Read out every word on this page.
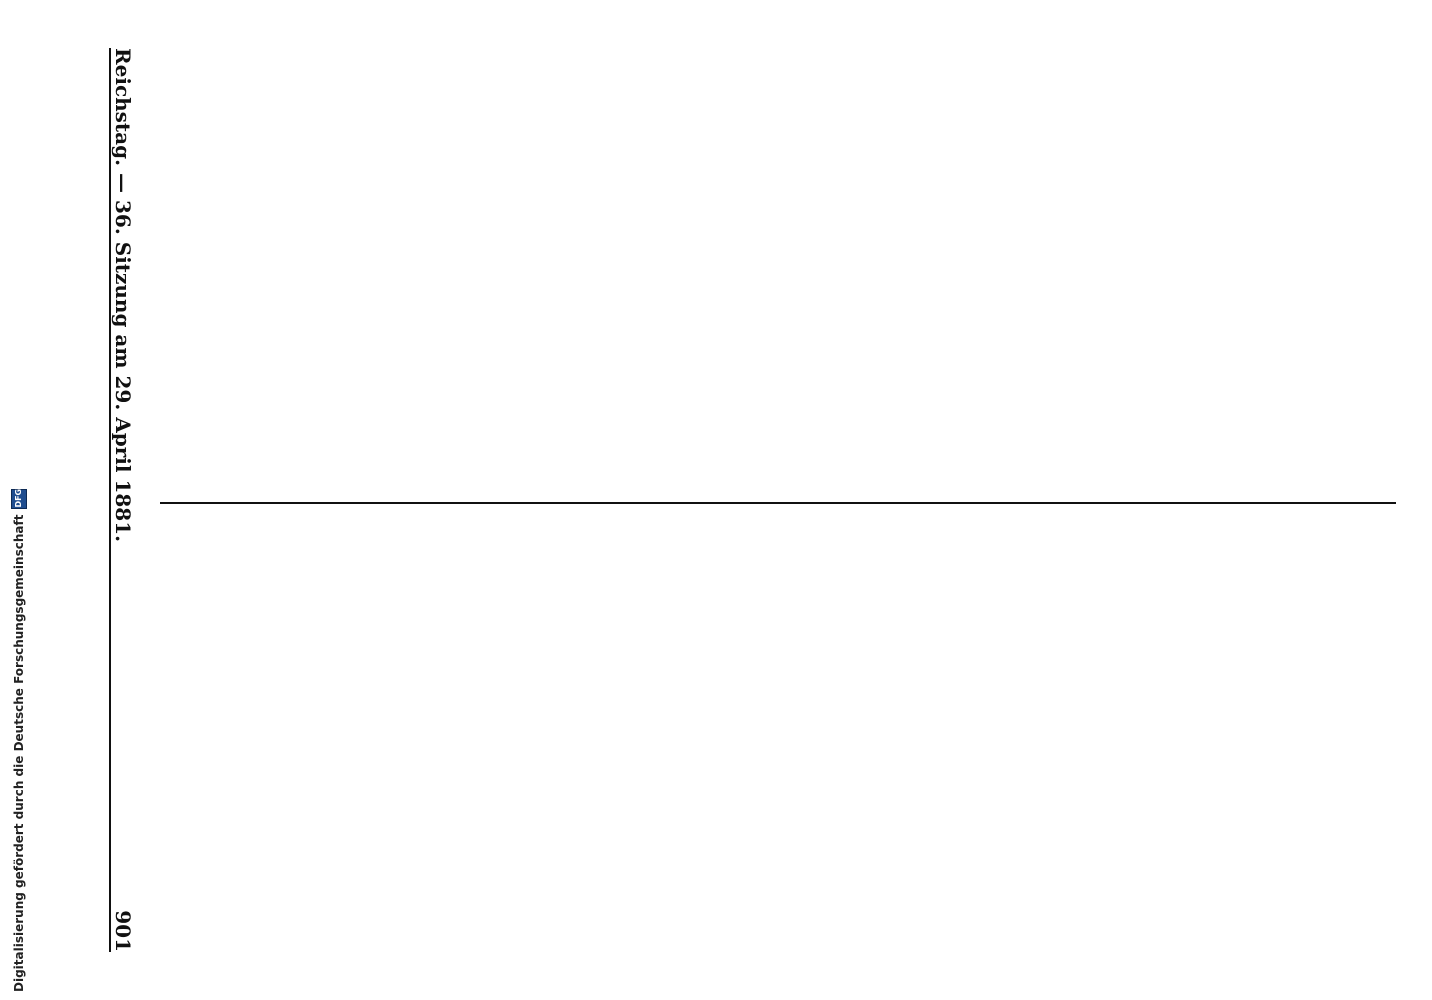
Digitalisierung gefördert durch die Deutsche Forschungsgemeinschaft
DFG	Reichstag. — 36. Sitzung am 29. April 1881.
901
